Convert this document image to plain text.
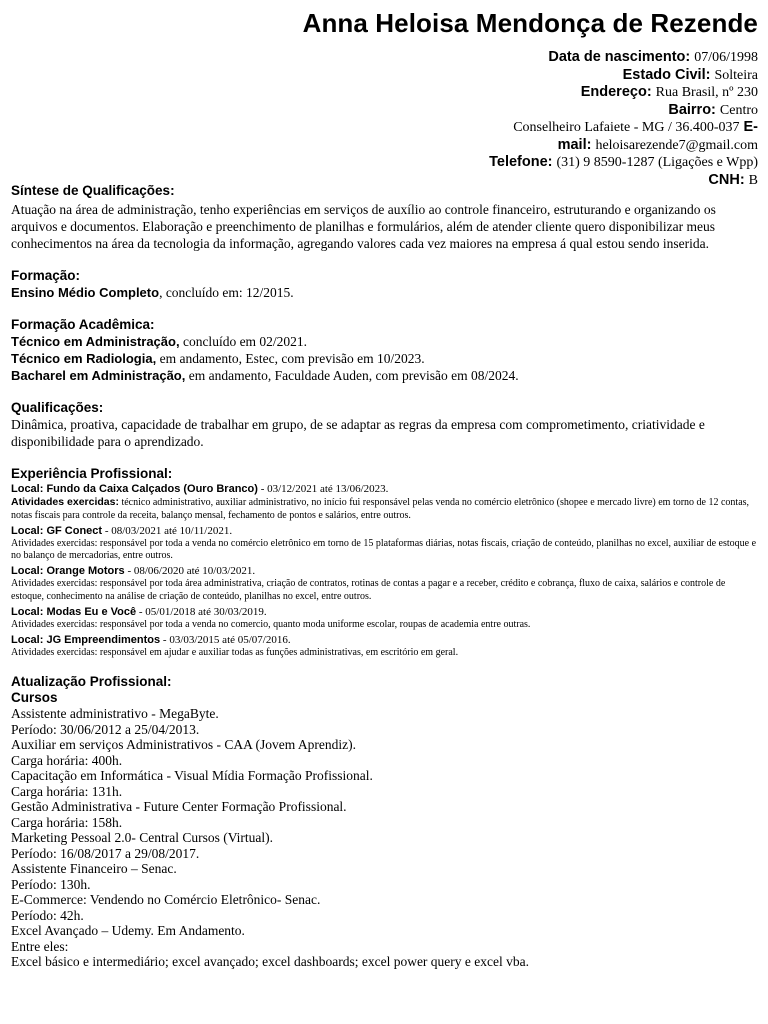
Anna Heloisa Mendonça de Rezende
Data de nascimento: 07/06/1998
Estado Civil: Solteira
Endereço: Rua Brasil, nº 230
Bairro: Centro
Conselheiro Lafaiete - MG / 36.400-037 E-
mail: heloisarezende7@gmail.com
Telefone: (31) 9 8590-1287 (Ligações e Wpp)
CNH: B
Síntese de Qualificações:
Atuação na área de administração, tenho experiências em serviços de auxílio ao controle financeiro, estruturando e organizando os arquivos e documentos. Elaboração e preenchimento de planilhas e formulários, além de atender cliente quero disponibilizar meus conhecimentos na área da tecnologia da informação, agregando valores cada vez maiores na empresa á qual estou sendo inserida.
Formação:
Ensino Médio Completo, concluído em: 12/2015.
Formação Acadêmica:
Técnico em Administração, concluído em 02/2021.
Técnico em Radiologia, em andamento, Estec, com previsão em 10/2023.
Bacharel em Administração, em andamento, Faculdade Auden, com previsão em 08/2024.
Qualificações:
Dinâmica, proativa, capacidade de trabalhar em grupo, de se adaptar as regras da empresa com comprometimento, criatividade e disponibilidade para o aprendizado.
Experiência Profissional:
Local: Fundo da Caixa Calçados (Ouro Branco) - 03/12/2021 até 13/06/2023.
Atividades exercidas: técnico administrativo, auxiliar administrativo, no início fui responsável pelas venda no comércio eletrônico (shopee e mercado livre) em torno de 12 contas, notas fiscais para controle da receita, balanço mensal, fechamento de pontos e salários, entre outros.
Local: GF Conect - 08/03/2021 até 10/11/2021.
Atividades exercidas: responsável por toda a venda no comércio eletrônico em torno de 15 plataformas diárias, notas fiscais, criação de conteúdo, planilhas no excel, auxiliar de estoque e no balanço de mercadorias, entre outros.
Local: Orange Motors - 08/06/2020 até 10/03/2021.
Atividades exercidas: responsável por toda área administrativa, criação de contratos, rotinas de contas a pagar e a receber, crédito e cobrança, fluxo de caixa, salários e controle de estoque, conhecimento na análise de criação de conteúdo, planilhas no excel, entre outros.
Local: Modas Eu e Você - 05/01/2018 até 30/03/2019.
Atividades exercidas: responsável por toda a venda no comercio, quanto moda uniforme escolar, roupas de academia entre outras.
Local: JG Empreendimentos - 03/03/2015 até 05/07/2016.
Atividades exercidas: responsável em ajudar e auxiliar todas as funções administrativas, em escritório em geral.
Atualização Profissional:
Cursos
Assistente administrativo - MegaByte.
Período: 30/06/2012 a 25/04/2013.
Auxiliar em serviços Administrativos - CAA (Jovem Aprendiz).
Carga horária: 400h.
Capacitação em Informática - Visual Mídia Formação Profissional.
Carga horária: 131h.
Gestão Administrativa - Future Center Formação Profissional.
Carga horária: 158h.
Marketing Pessoal 2.0- Central Cursos (Virtual).
Período: 16/08/2017 a 29/08/2017.
Assistente Financeiro – Senac.
Período: 130h.
E-Commerce: Vendendo no Comércio Eletrônico- Senac.
Período: 42h.
Excel Avançado – Udemy. Em Andamento.
Entre eles:
Excel básico e intermediário; excel avançado; excel dashboards; excel power query e excel vba.
